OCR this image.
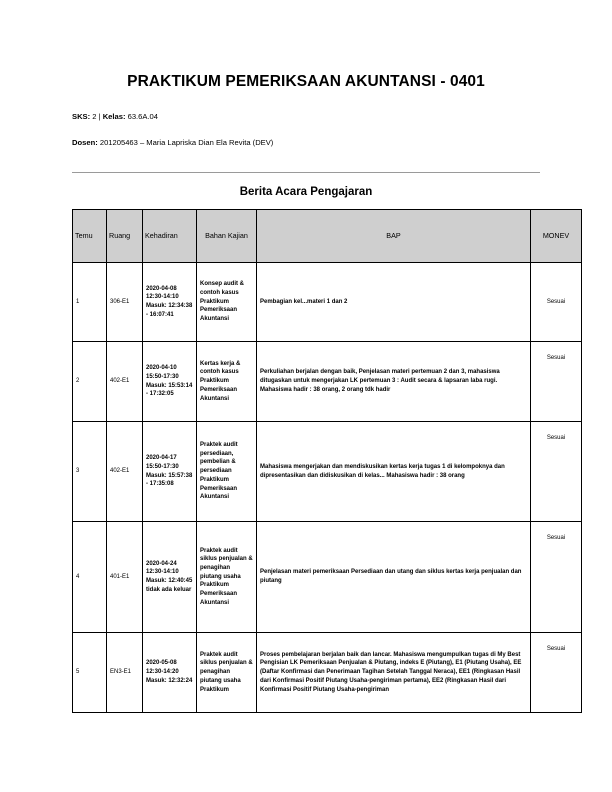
PRAKTIKUM PEMERIKSAAN AKUNTANSI - 0401
SKS: 2 | Kelas: 63.6A.04
Dosen: 201205463 – Maria Lapriska Dian Ela Revita (DEV)
Berita Acara Pengajaran
Temu	Ruang	Kehadiran	Bahan Kajian	BAP	MONEV
1	306-E1	2020-04-08 12:30-14:10 Masuk: 12:34:38 - 16:07:41	Konsep audit & contoh kasus Praktikum Pemeriksaan Akuntansi	Pembagian kel...materi 1 dan 2	Sesuai
2	402-E1	2020-04-10 15:50-17:30 Masuk: 15:53:14 - 17:32:05	Kertas kerja & contoh kasus Praktikum Pemeriksaan Akuntansi	Perkuliahan berjalan dengan baik, Penjelasan materi pertemuan 2 dan 3, mahasiswa ditugaskan untuk mengerjakan LK pertemuan 3 : Audit secara & lapsaran laba rugi. Mahasiswa hadir : 38 orang, 2 orang tdk hadir	Sesuai
3	402-E1	2020-04-17 15:50-17:30 Masuk: 15:57:38 - 17:35:08	Praktek audit persediaan, pembelian & persediaan Praktikum Pemeriksaan Akuntansi	Mahasiswa mengerjakan dan mendiskusikan kertas kerja tugas 1 di kelompoknya dan dipresentasikan dan didiskusikan di kelas... Mahasiswa hadir : 38 orang	Sesuai
4	401-E1	2020-04-24 12:30-14:10 Masuk: 12:40:45 tidak ada keluar	Praktek audit siklus penjualan & penagihan piutang usaha Praktikum Pemeriksaan Akuntansi	Penjelasan materi pemeriksaan Persediaan dan utang dan siklus kertas kerja penjualan dan piutang	Sesuai
5	EN3-E1	2020-05-08 12:30-14:20 Masuk: 12:32:24	Praktek audit siklus penjualan & penagihan piutang usaha Praktikum	Proses pembelajaran berjalan baik dan lancar. Mahasiswa mengumpulkan tugas di My Best Pengisian LK Pemeriksaan Penjualan & Piutang, indeks E (Piutang), E1 (Piutang Usaha), EE (Daftar Konfirmasi dan Penerimaan Tagihan Setelah Tanggal Neraca), EE1 (Ringkasan Hasil dari Konfirmasi Positif Piutang Usaha-pengiriman pertama), EE2 (Ringkasan Hasil dari Konfirmasi Positif Piutang Usaha-pengiriman	Sesuai
